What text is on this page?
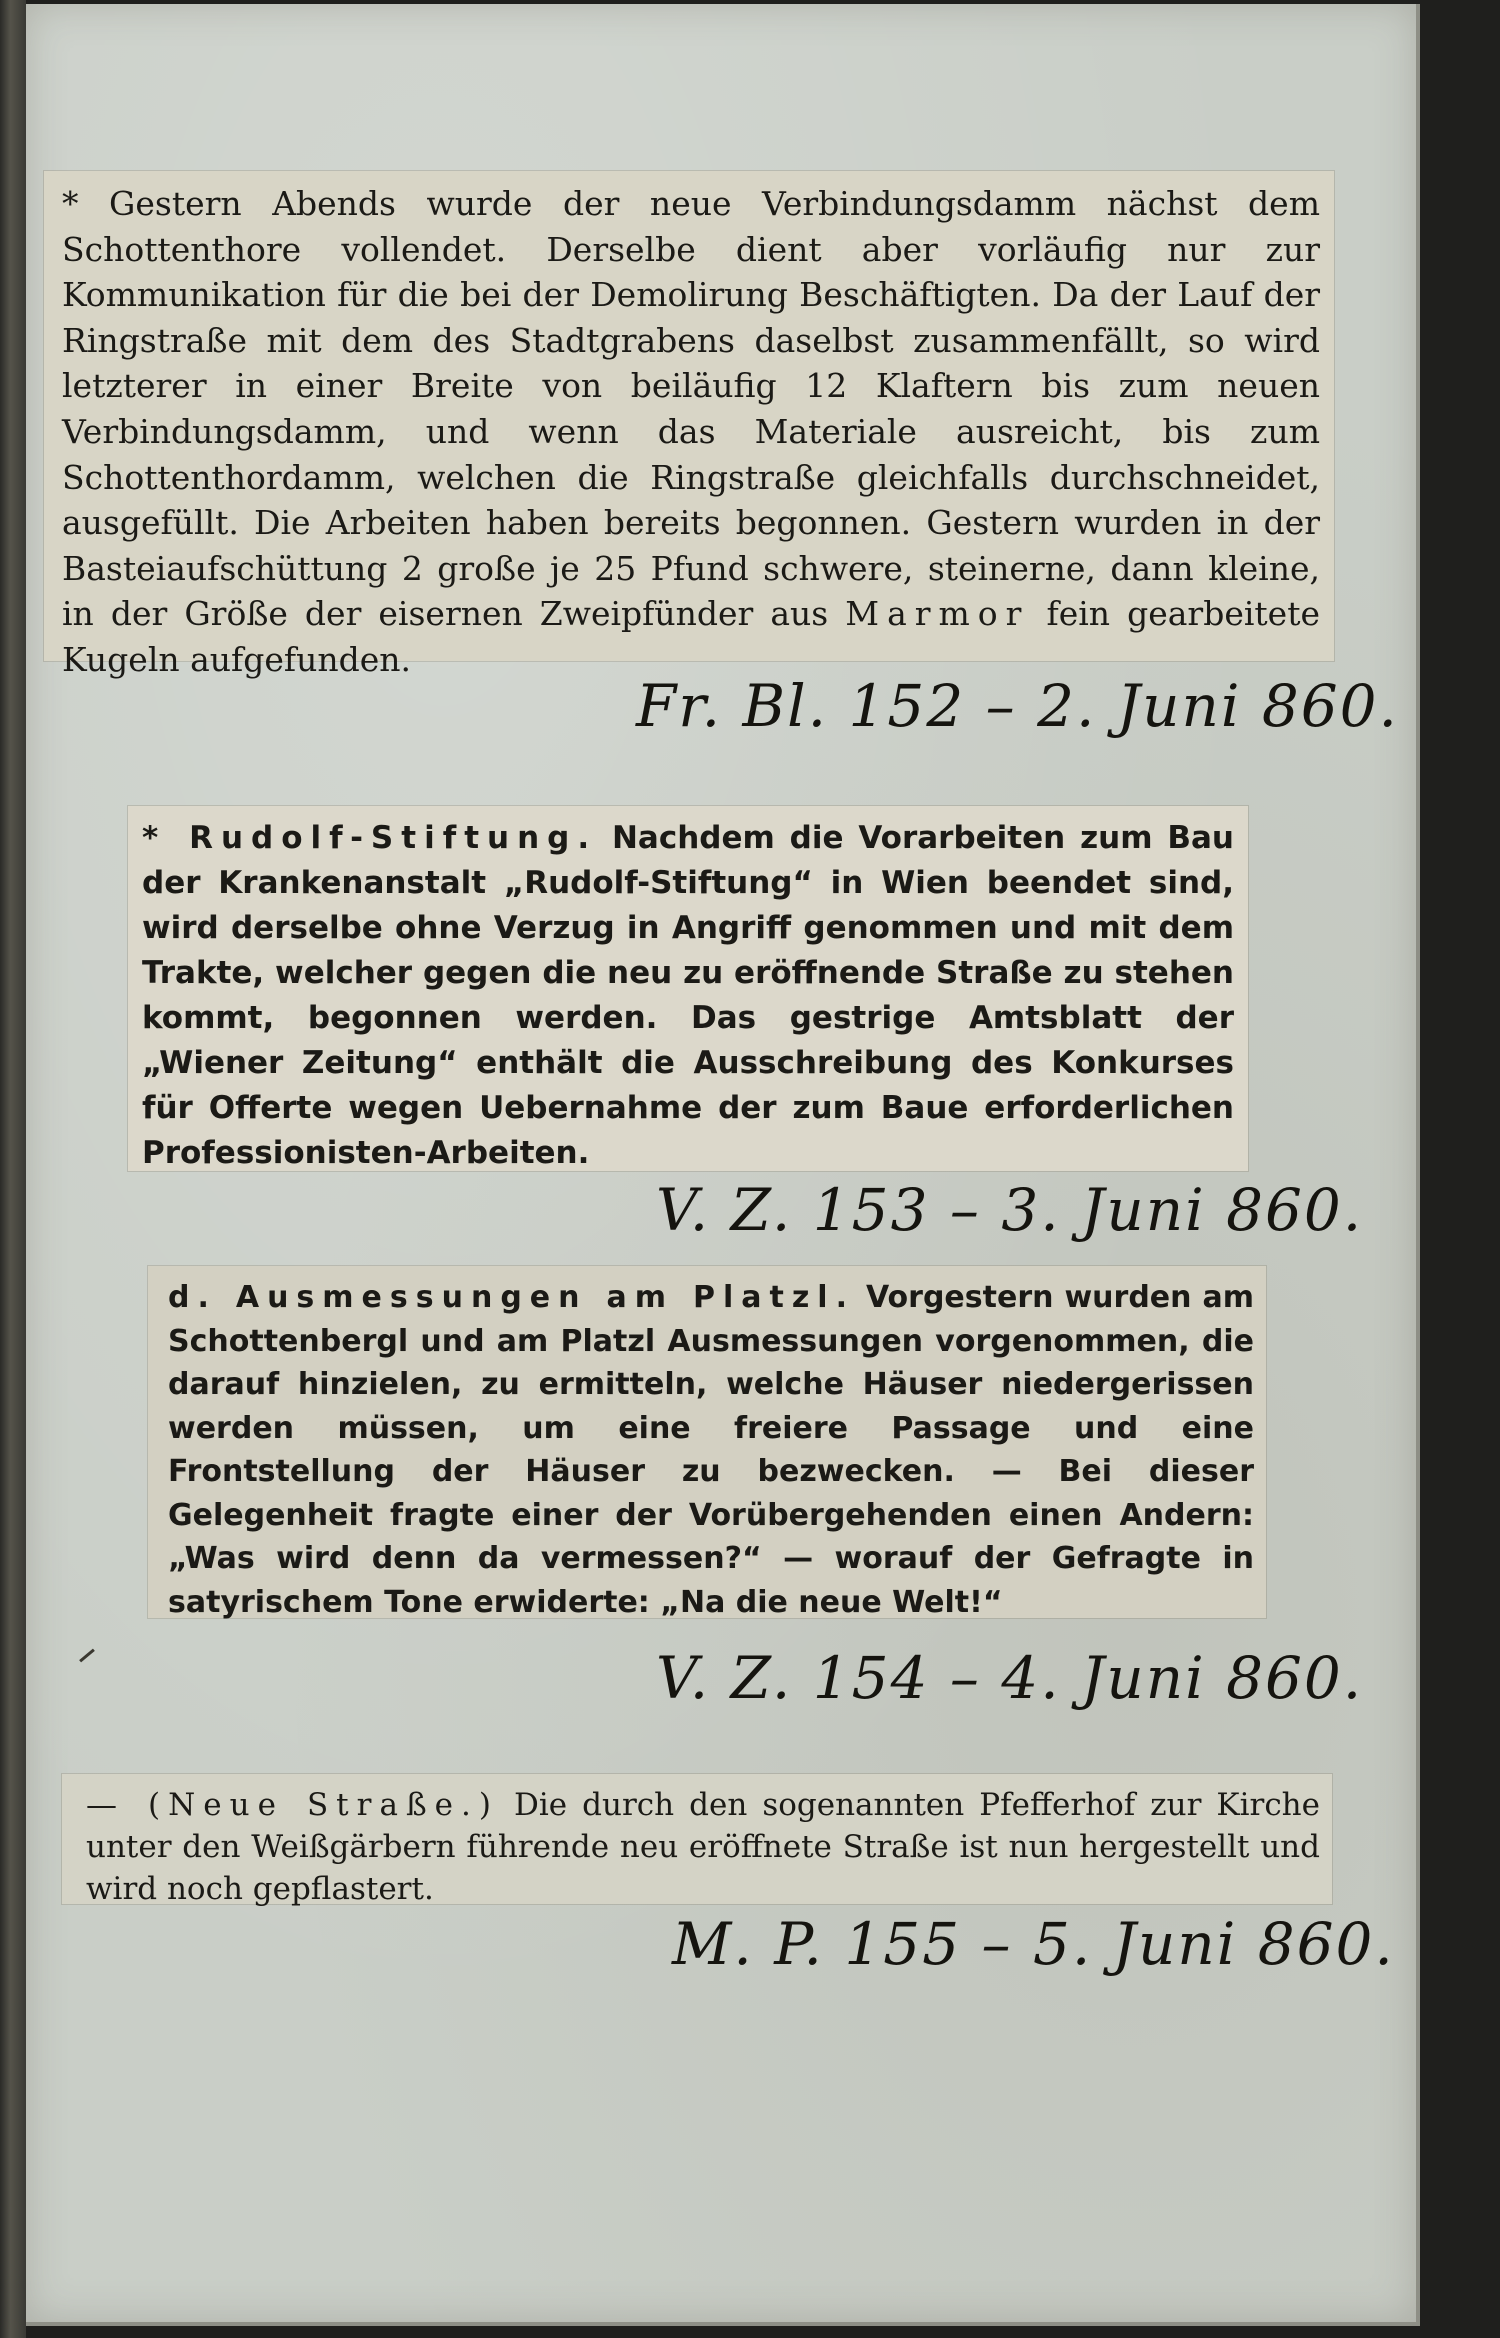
* Gestern Abends wurde der neue Verbindungsdamm nächst dem Schottenthore vollendet. Derselbe dient aber vorläufig nur zur Kommunikation für die bei der Demolirung Beschäftigten. Da der Lauf der Ringstraße mit dem des Stadtgrabens daselbst zusammenfällt, so wird letzterer in einer Breite von beiläufig 12 Klaftern bis zum neuen Verbindungsdamm, und wenn das Materiale ausreicht, bis zum Schottenthordamm, welchen die Ringstraße gleichfalls durchschneidet, ausgefüllt. Die Arbeiten haben bereits begonnen. Gestern wurden in der Basteiaufschüttung 2 große je 25 Pfund schwere, steinerne, dann kleine, in der Größe der eisernen Zweipfünder aus Marmor fein gearbeitete Kugeln aufgefunden.

Fr. Bl. 152 – 2. Juni 860.

* Rudolf-Stiftung. Nachdem die Vorarbeiten zum Bau der Krankenanstalt „Rudolf-Stiftung“ in Wien beendet sind, wird derselbe ohne Verzug in Angriff genommen und mit dem Trakte, welcher gegen die neu zu eröffnende Straße zu stehen kommt, begonnen werden. Das gestrige Amtsblatt der „Wiener Zeitung“ enthält die Ausschreibung des Konkurses für Offerte wegen Uebernahme der zum Baue erforderlichen Professionisten-Arbeiten.

V. Z. 153 – 3. Juni 860.

d. Ausmessungen am Platzl. Vorgestern wurden am Schottenbergl und am Platzl Ausmessungen vorgenommen, die darauf hinzielen, zu ermitteln, welche Häuser niedergerissen werden müssen, um eine freiere Passage und eine Frontstellung der Häuser zu bezwecken. — Bei dieser Gelegenheit fragte einer der Vorübergehenden einen Andern: „Was wird denn da vermessen?“ — worauf der Gefragte in satyrischem Tone erwiderte: „Na die neue Welt!“

V. Z. 154 – 4. Juni 860.

— (Neue Straße.) Die durch den sogenannten Pfefferhof zur Kirche unter den Weißgärbern führende neu eröffnete Straße ist nun hergestellt und wird noch gepflastert.

M. P. 155 – 5. Juni 860.
